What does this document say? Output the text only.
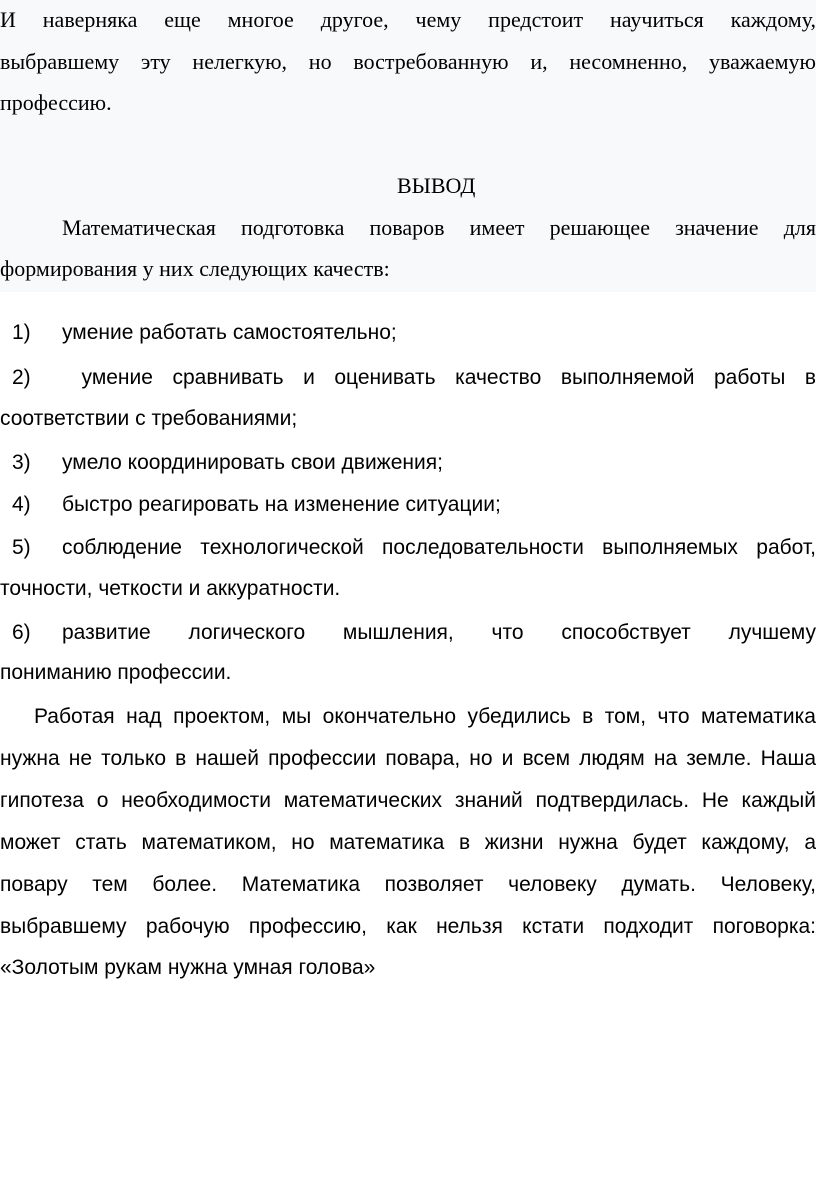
И наверняка еще многое другое, чему предстоит научиться каждому,
выбравшему эту нелегкую, но востребованную и, несомненно, уважаемую
профессию.
ВЫВОД
Математическая подготовка поваров имеет решающее значение для
формирования у них следующих качеств:
1) умение работать самостоятельно;
2) умение сравнивать и оценивать качество выполняемой работы в
соответствии с требованиями;
3) умело координировать свои движения;
4) быстро реагировать на изменение ситуации;
5) соблюдение технологической последовательности выполняемых работ,
точности, четкости и аккуратности.
6) развитие логического мышления, что способствует лучшему
пониманию профессии.
Работая над проектом, мы окончательно убедились в том, что математика
нужна не только в нашей профессии повара, но и всем людям на земле. Наша
гипотеза о необходимости математических знаний подтвердилась. Не каждый
может стать математиком, но математика в жизни нужна будет каждому, а
повару тем более. Математика позволяет человеку думать. Человеку,
выбравшему рабочую профессию, как нельзя кстати подходит поговорка:
«Золотым рукам нужна умная голова»
